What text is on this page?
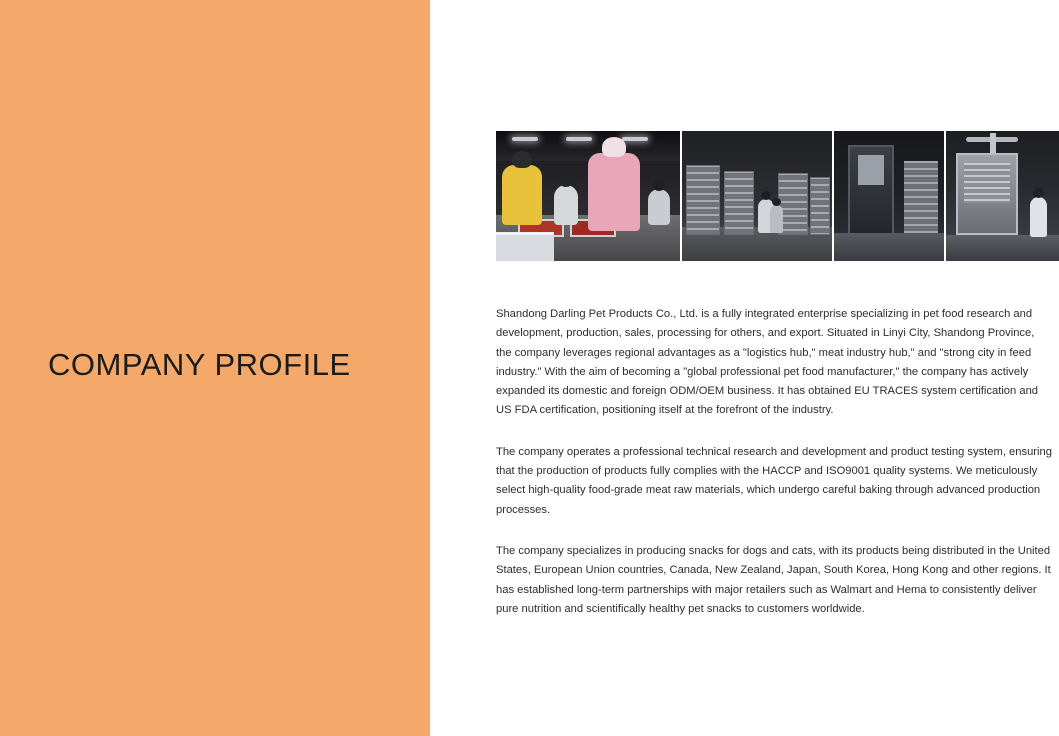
COMPANY PROFILE

Shandong Darling Pet Products Co., Ltd. is a fully integrated enterprise specializing in pet food research and development, production, sales, processing for others, and export. Situated in Linyi City, Shandong Province, the company leverages regional advantages as a "logistics hub," meat industry hub," and "strong city in feed industry." With the aim of becoming a "global professional pet food manufacturer," the company has actively expanded its domestic and foreign ODM/OEM business. It has obtained EU TRACES system certification and US FDA certification, positioning itself at the forefront of the industry.

The company operates a professional technical research and development and product testing system, ensuring that the production of products fully complies with the HACCP and ISO9001 quality systems. We meticulously select high-quality food-grade meat raw materials, which undergo careful baking through advanced production processes.

The company specializes in producing snacks for dogs and cats, with its products being distributed in the United States, European Union countries, Canada, New Zealand, Japan, South Korea, Hong Kong and other regions. It has established long-term partnerships with major retailers such as Walmart and Hema to consistently deliver pure nutrition and scientifically healthy pet snacks to customers worldwide.
